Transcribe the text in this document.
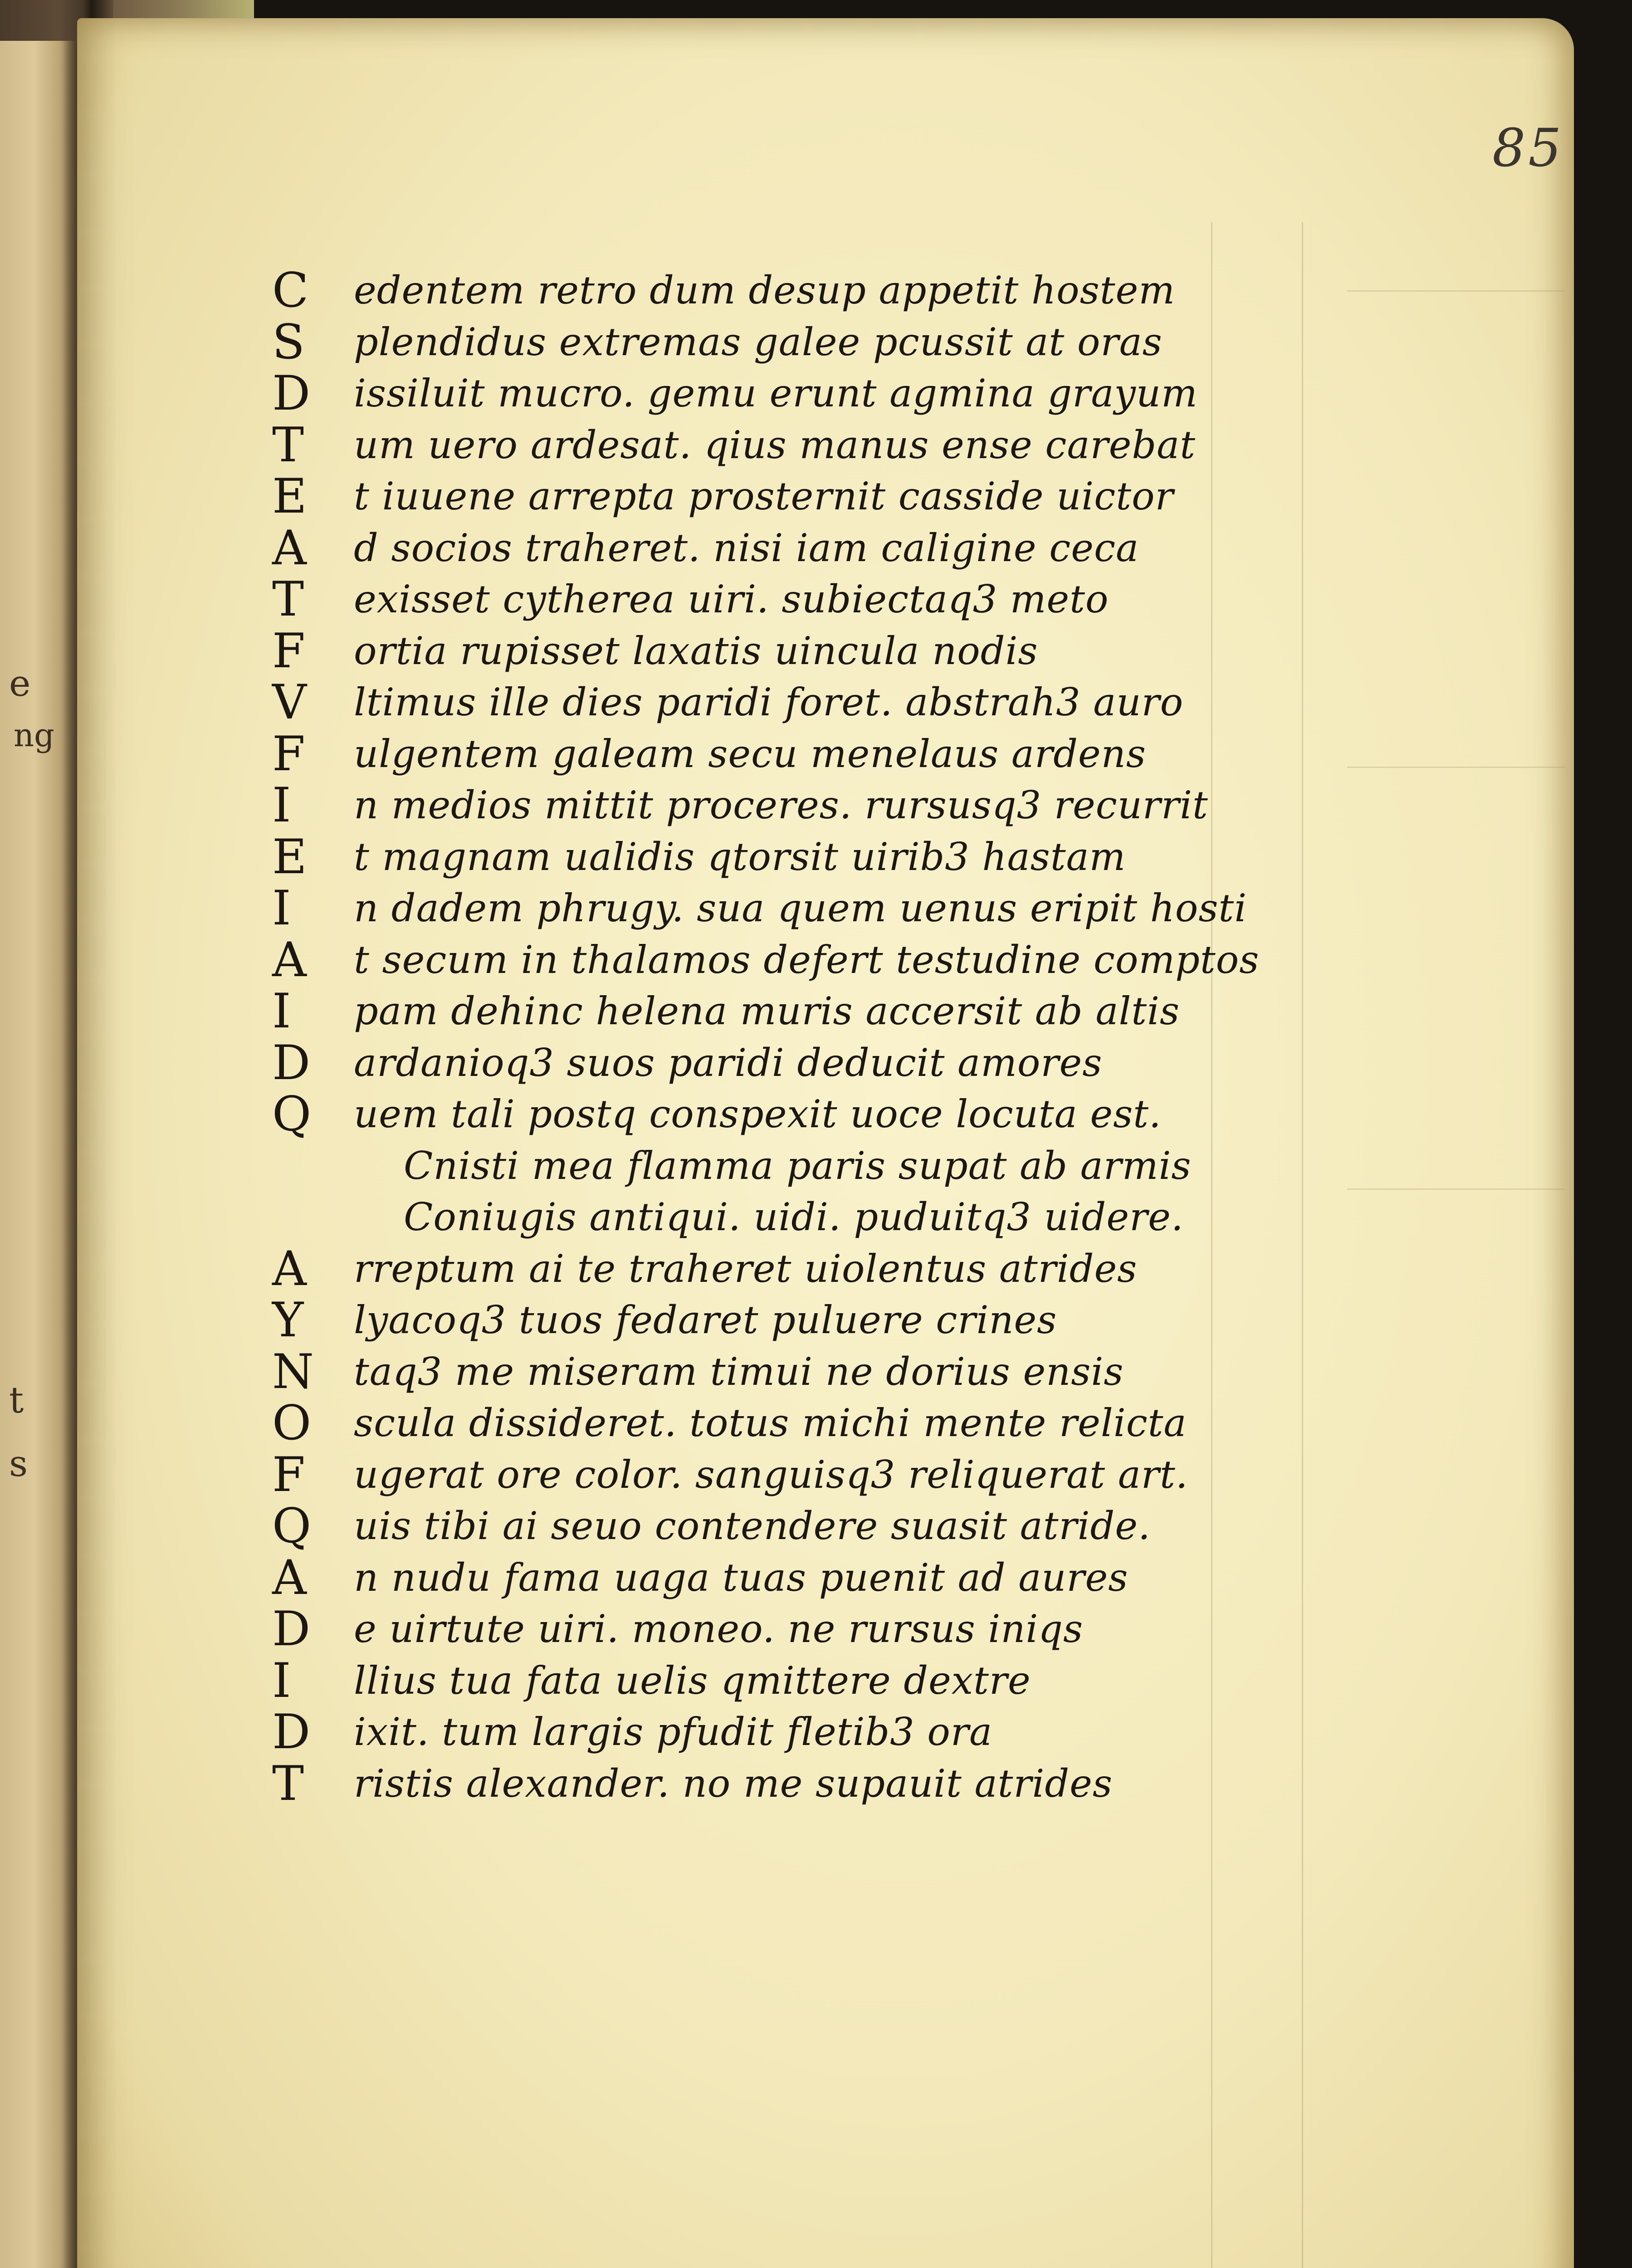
e
ng
t
s
85
C	edentem retro dum desup appetit hostem
S	plendidus extremas galee pcussit at oras
D	issiluit mucro. gemu erunt agmina grayum
T	um uero ardesat. qius manus ense carebat
E	t iuuene arrepta prosternit casside uictor
A	d socios traheret. nisi iam caligine ceca
T	exisset cytherea uiri. subiectaq3 meto
F	ortia rupisset laxatis uincula nodis
V	ltimus ille dies paridi foret. abstrah3 auro
F	ulgentem galeam secu menelaus ardens
I	n medios mittit proceres. rursusq3 recurrit
E	t magnam ualidis qtorsit uirib3 hastam
I	n dadem phrugy. sua quem uenus eripit hosti
A	t secum in thalamos defert testudine comptos
I	pam dehinc helena muris accersit ab altis
D	ardanioq3 suos paridi deducit amores
Q	uem tali postq conspexit uoce locuta est.
Cnisti mea flamma paris supat ab armis
Coniugis antiqui. uidi. puduitq3 uidere.
A	rreptum ai te traheret uiolentus atrides
Y	lyacoq3 tuos fedaret puluere crines
N	taq3 me miseram timui ne dorius ensis
O	scula dissideret. totus michi mente relicta
F	ugerat ore color. sanguisq3 reliquerat art.
Q	uis tibi ai seuo contendere suasit atride.
A	n nudu fama uaga tuas puenit ad aures
D	e uirtute uiri. moneo. ne rursus iniqs
I	llius tua fata uelis qmittere dextre
D	ixit. tum largis pfudit fletib3 ora
T	ristis alexander. no me supauit atrides
